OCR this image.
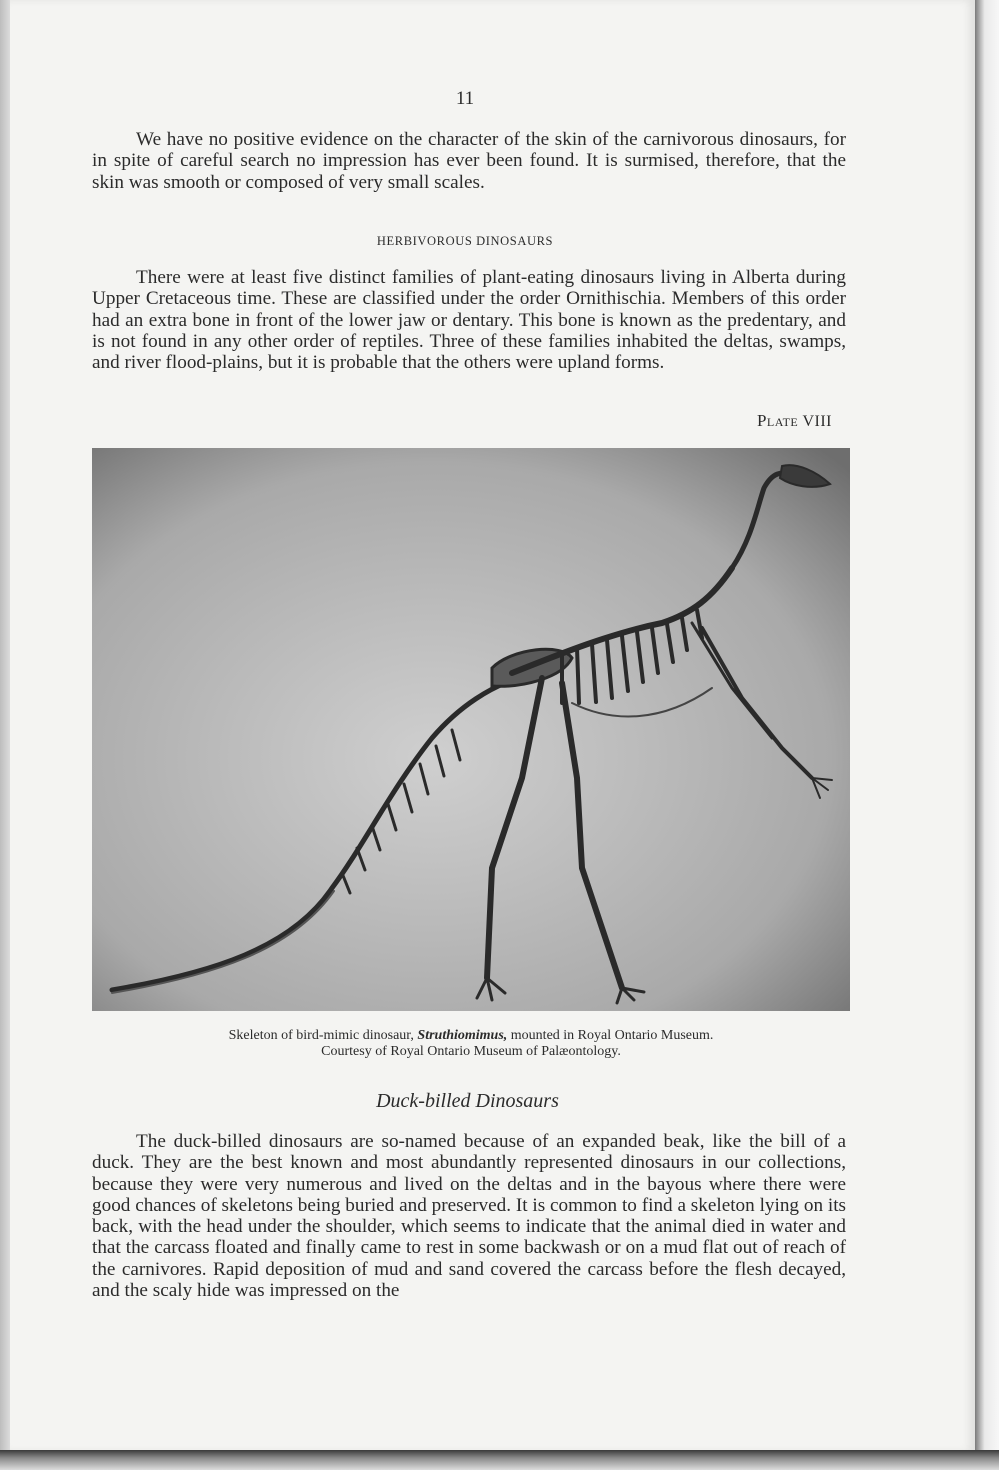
11

We have no positive evidence on the character of the skin of the carnivorous dinosaurs, for in spite of careful search no impression has ever been found. It is surmised, therefore, that the skin was smooth or composed of very small scales.

HERBIVOROUS DINOSAURS

There were at least five distinct families of plant-eating dinosaurs living in Alberta during Upper Cretaceous time. These are classified under the order Ornithischia. Members of this order had an extra bone in front of the lower jaw or dentary. This bone is known as the predentary, and is not found in any other order of reptiles. Three of these families inhabited the deltas, swamps, and river flood-plains, but it is probable that the others were upland forms.

Plate VIII

Skeleton of bird-mimic dinosaur, Struthiomimus, mounted in Royal Ontario Museum.
Courtesy of Royal Ontario Museum of Palæontology.

Duck-billed Dinosaurs

The duck-billed dinosaurs are so-named because of an expanded beak, like the bill of a duck. They are the best known and most abundantly represented dinosaurs in our collections, because they were very numerous and lived on the deltas and in the bayous where there were good chances of skeletons being buried and preserved. It is common to find a skeleton lying on its back, with the head under the shoulder, which seems to indicate that the animal died in water and that the carcass floated and finally came to rest in some backwash or on a mud flat out of reach of the carnivores. Rapid deposition of mud and sand covered the carcass before the flesh decayed, and the scaly hide was impressed on the
